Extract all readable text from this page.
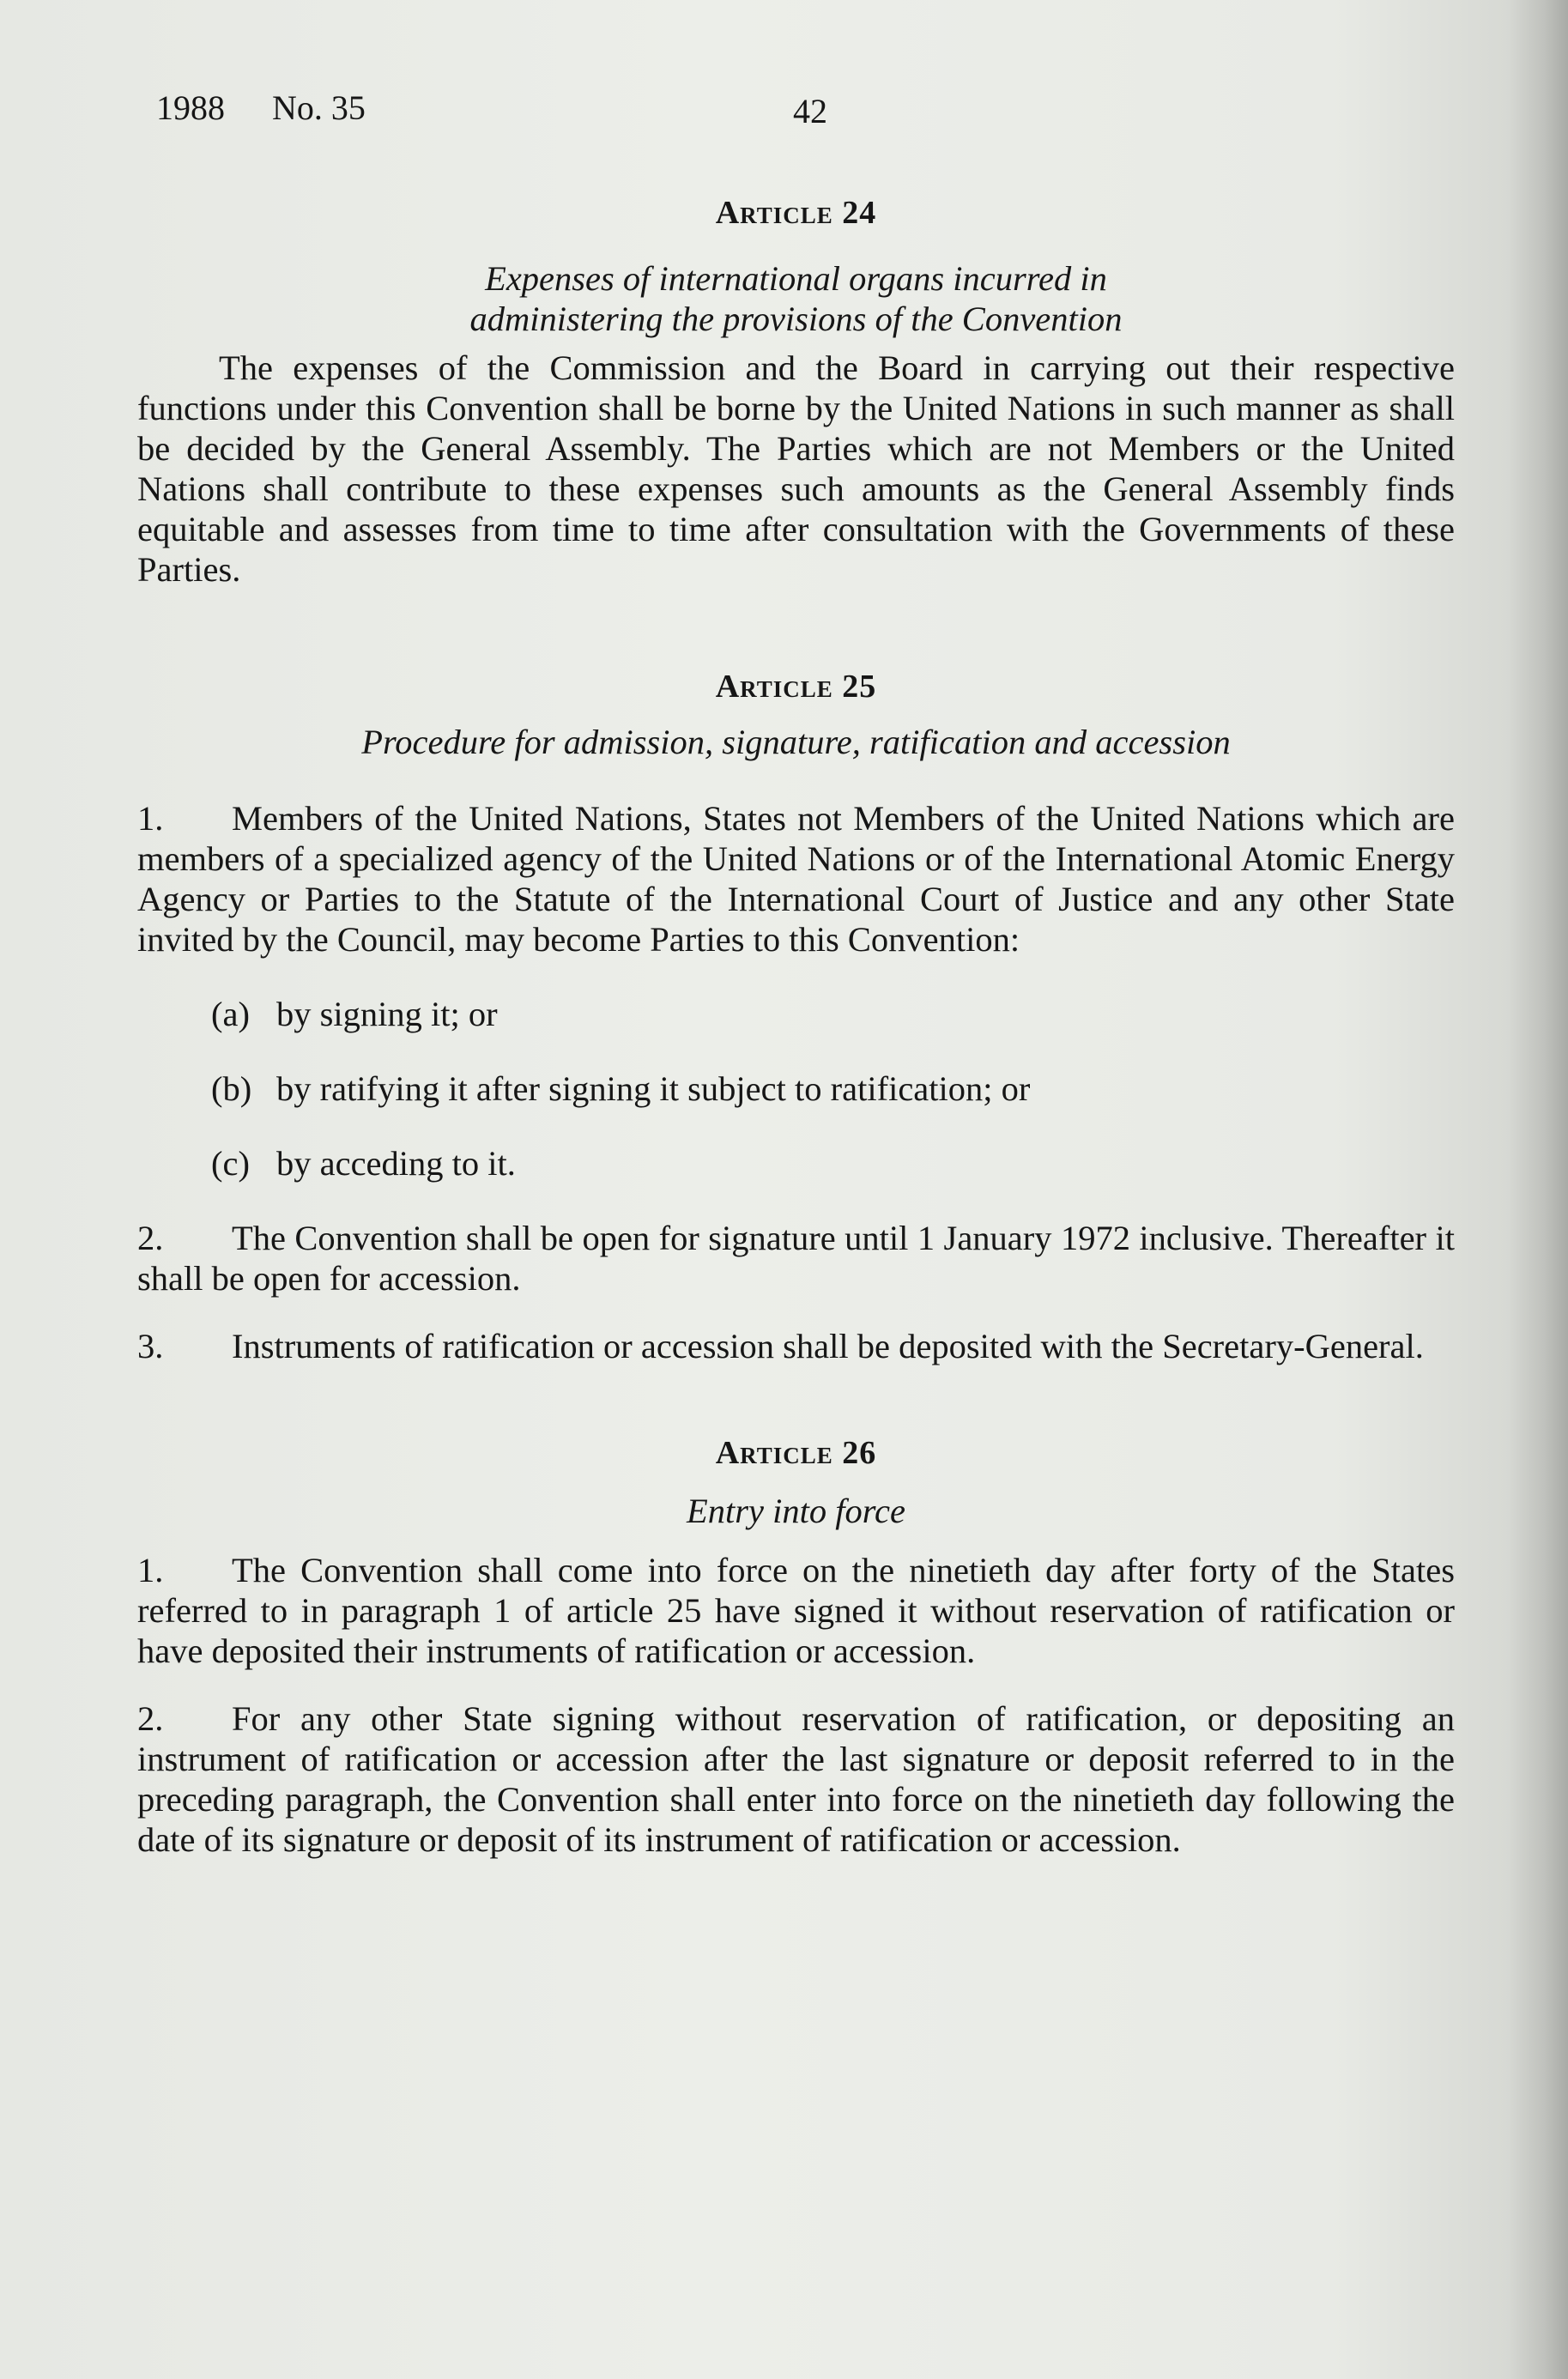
1988 No. 35	42
Article 24

Expenses of international organs incurred in

administering the provisions of the Convention

The expenses of the Commission and the Board in carrying out their respective functions under this Convention shall be borne by the United Nations in such manner as shall be decided by the General Assembly. The Parties which are not Members or the United Nations shall contribute to these expenses such amounts as the General Assembly finds equitable and assesses from time to time after consultation with the Governments of these Parties.

Article 25

Procedure for admission, signature, ratification and accession

1. Members of the United Nations, States not Members of the United Nations which are members of a specialized agency of the United Nations or of the International Atomic Energy Agency or Parties to the Statute of the International Court of Justice and any other State invited by the Council, may become Parties to this Convention:

(a) by signing it; or

(b) by ratifying it after signing it subject to ratification; or

(c) by acceding to it.

2. The Convention shall be open for signature until 1 January 1972 inclusive. Thereafter it shall be open for accession.

3. Instruments of ratification or accession shall be deposited with the Secretary-General.

Article 26

Entry into force

1. The Convention shall come into force on the ninetieth day after forty of the States referred to in paragraph 1 of article 25 have signed it without reservation of ratification or have deposited their instruments of ratification or accession.

2. For any other State signing without reservation of ratification, or depositing an instrument of ratification or accession after the last signature or deposit referred to in the preceding paragraph, the Convention shall enter into force on the ninetieth day following the date of its signature or deposit of its instrument of ratification or accession.
